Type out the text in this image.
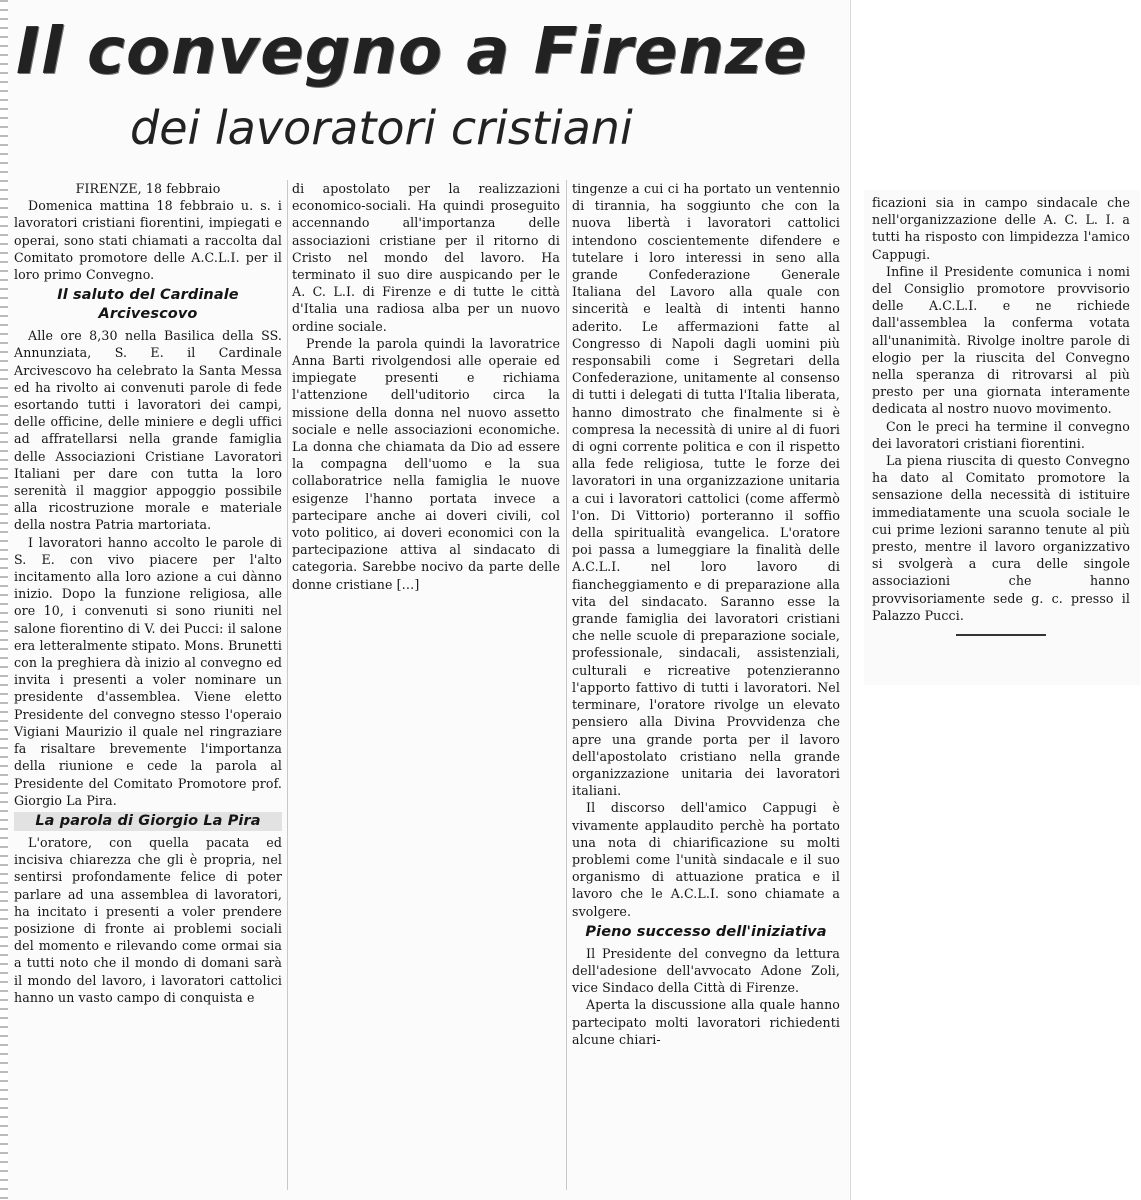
Il convegno a Firenze
dei lavoratori cristiani

FIRENZE, 18 febbraio

Domenica mattina 18 febbraio u. s. i lavoratori cristiani fiorentini, impiegati e operai, sono stati chiamati a raccolta dal Comitato promotore delle A.C.L.I. per il loro primo Convegno.

Il saluto del Cardinale Arcivescovo

Alle ore 8,30 nella Basilica della SS. Annunziata, S. E. il Cardinale Arcivescovo ha celebrato la Santa Messa ed ha rivolto ai convenuti parole di fede esortando tutti i lavoratori dei campi, delle officine, delle miniere e degli uffici ad affratellarsi nella grande famiglia delle Associazioni Cristiane Lavoratori Italiani per dare con tutta la loro serenità il maggior appoggio possibile alla ricostruzione morale e materiale della nostra Patria martoriata.

I lavoratori hanno accolto le parole di S. E. con vivo piacere per l'alto incitamento alla loro azione a cui dànno inizio. Dopo la funzione religiosa, alle ore 10, i convenuti si sono riuniti nel salone fiorentino di V. dei Pucci: il salone era letteralmente stipato. Mons. Brunetti con la preghiera dà inizio al convegno ed invita i presenti a voler nominare un presidente d'assemblea. Viene eletto Presidente del convegno stesso l'operaio Vigiani Maurizio il quale nel ringraziare fa risaltare brevemente l'importanza della riunione e cede la parola al Presidente del Comitato Promotore prof. Giorgio La Pira.

La parola di Giorgio La Pira

L'oratore, con quella pacata ed incisiva chiarezza che gli è propria, nel sentirsi profondamente felice di poter parlare ad una assemblea di lavoratori, ha incitato i presenti a voler prendere posizione di fronte ai problemi sociali del momento e rilevando come ormai sia a tutti noto che il mondo di domani sarà il mondo del lavoro, i lavoratori cattolici hanno un vasto campo di conquista e

di apostolato per la realizzazioni economico-sociali. Ha quindi proseguito accennando all'importanza delle associazioni cristiane per il ritorno di Cristo nel mondo del lavoro. Ha terminato il suo dire auspicando per le A. C. L.I. di Firenze e di tutte le città d'Italia una radiosa alba per un nuovo ordine sociale.

Prende la parola quindi la lavoratrice Anna Barti rivolgendosi alle operaie ed impiegate presenti e richiama l'attenzione dell'uditorio circa la missione della donna nel nuovo assetto sociale e nelle associazioni economiche. La donna che chiamata da Dio ad essere la compagna dell'uomo e la sua collaboratrice nella famiglia le nuove esigenze l'hanno portata invece a partecipare anche ai doveri civili, col voto politico, ai doveri economici con la partecipazione attiva al sindacato di categoria. Sarebbe nocivo da parte delle donne cristiane […]

tingenze a cui ci ha portato un ventennio di tirannia, ha soggiunto che con la nuova libertà i lavoratori cattolici intendono coscientemente difendere e tutelare i loro interessi in seno alla grande Confederazione Generale Italiana del Lavoro alla quale con sincerità e lealtà di intenti hanno aderito. Le affermazioni fatte al Congresso di Napoli dagli uomini più responsabili come i Segretari della Confederazione, unitamente al consenso di tutti i delegati di tutta l'Italia liberata, hanno dimostrato che finalmente si è compresa la necessità di unire al di fuori di ogni corrente politica e con il rispetto alla fede religiosa, tutte le forze dei lavoratori in una organizzazione unitaria a cui i lavoratori cattolici (come affermò l'on. Di Vittorio) porteranno il soffio della spiritualità evangelica. L'oratore poi passa a lumeggiare la finalità delle A.C.L.I. nel loro lavoro di fiancheggiamento e di preparazione alla vita del sindacato. Saranno esse la grande famiglia dei lavoratori cristiani che nelle scuole di preparazione sociale, professionale, sindacali, assistenziali, culturali e ricreative potenzieranno l'apporto fattivo di tutti i lavoratori. Nel terminare, l'oratore rivolge un elevato pensiero alla Divina Provvidenza che apre una grande porta per il lavoro dell'apostolato cristiano nella grande organizzazione unitaria dei lavoratori italiani.

Il discorso dell'amico Cappugi è vivamente applaudito perchè ha portato una nota di chiarificazione su molti problemi come l'unità sindacale e il suo organismo di attuazione pratica e il lavoro che le A.C.L.I. sono chiamate a svolgere.

Pieno successo dell'iniziativa

Il Presidente del convegno da lettura dell'adesione dell'avvocato Adone Zoli, vice Sindaco della Città di Firenze.

Aperta la discussione alla quale hanno partecipato molti lavoratori richiedenti alcune chiari-

ficazioni sia in campo sindacale che nell'organizzazione delle A. C. L. I. a tutti ha risposto con limpidezza l'amico Cappugi.

Infine il Presidente comunica i nomi del Consiglio promotore provvisorio delle A.C.L.I. e ne richiede dall'assemblea la conferma votata all'unanimità. Rivolge inoltre parole di elogio per la riuscita del Convegno nella speranza di ritrovarsi al più presto per una giornata interamente dedicata al nostro nuovo movimento.

Con le preci ha termine il convegno dei lavoratori cristiani fiorentini.

La piena riuscita di questo Convegno ha dato al Comitato promotore la sensazione della necessità di istituire immediatamente una scuola sociale le cui prime lezioni saranno tenute al più presto, mentre il lavoro organizzativo si svolgerà a cura delle singole associazioni che hanno provvisoriamente sede g. c. presso il Palazzo Pucci.
